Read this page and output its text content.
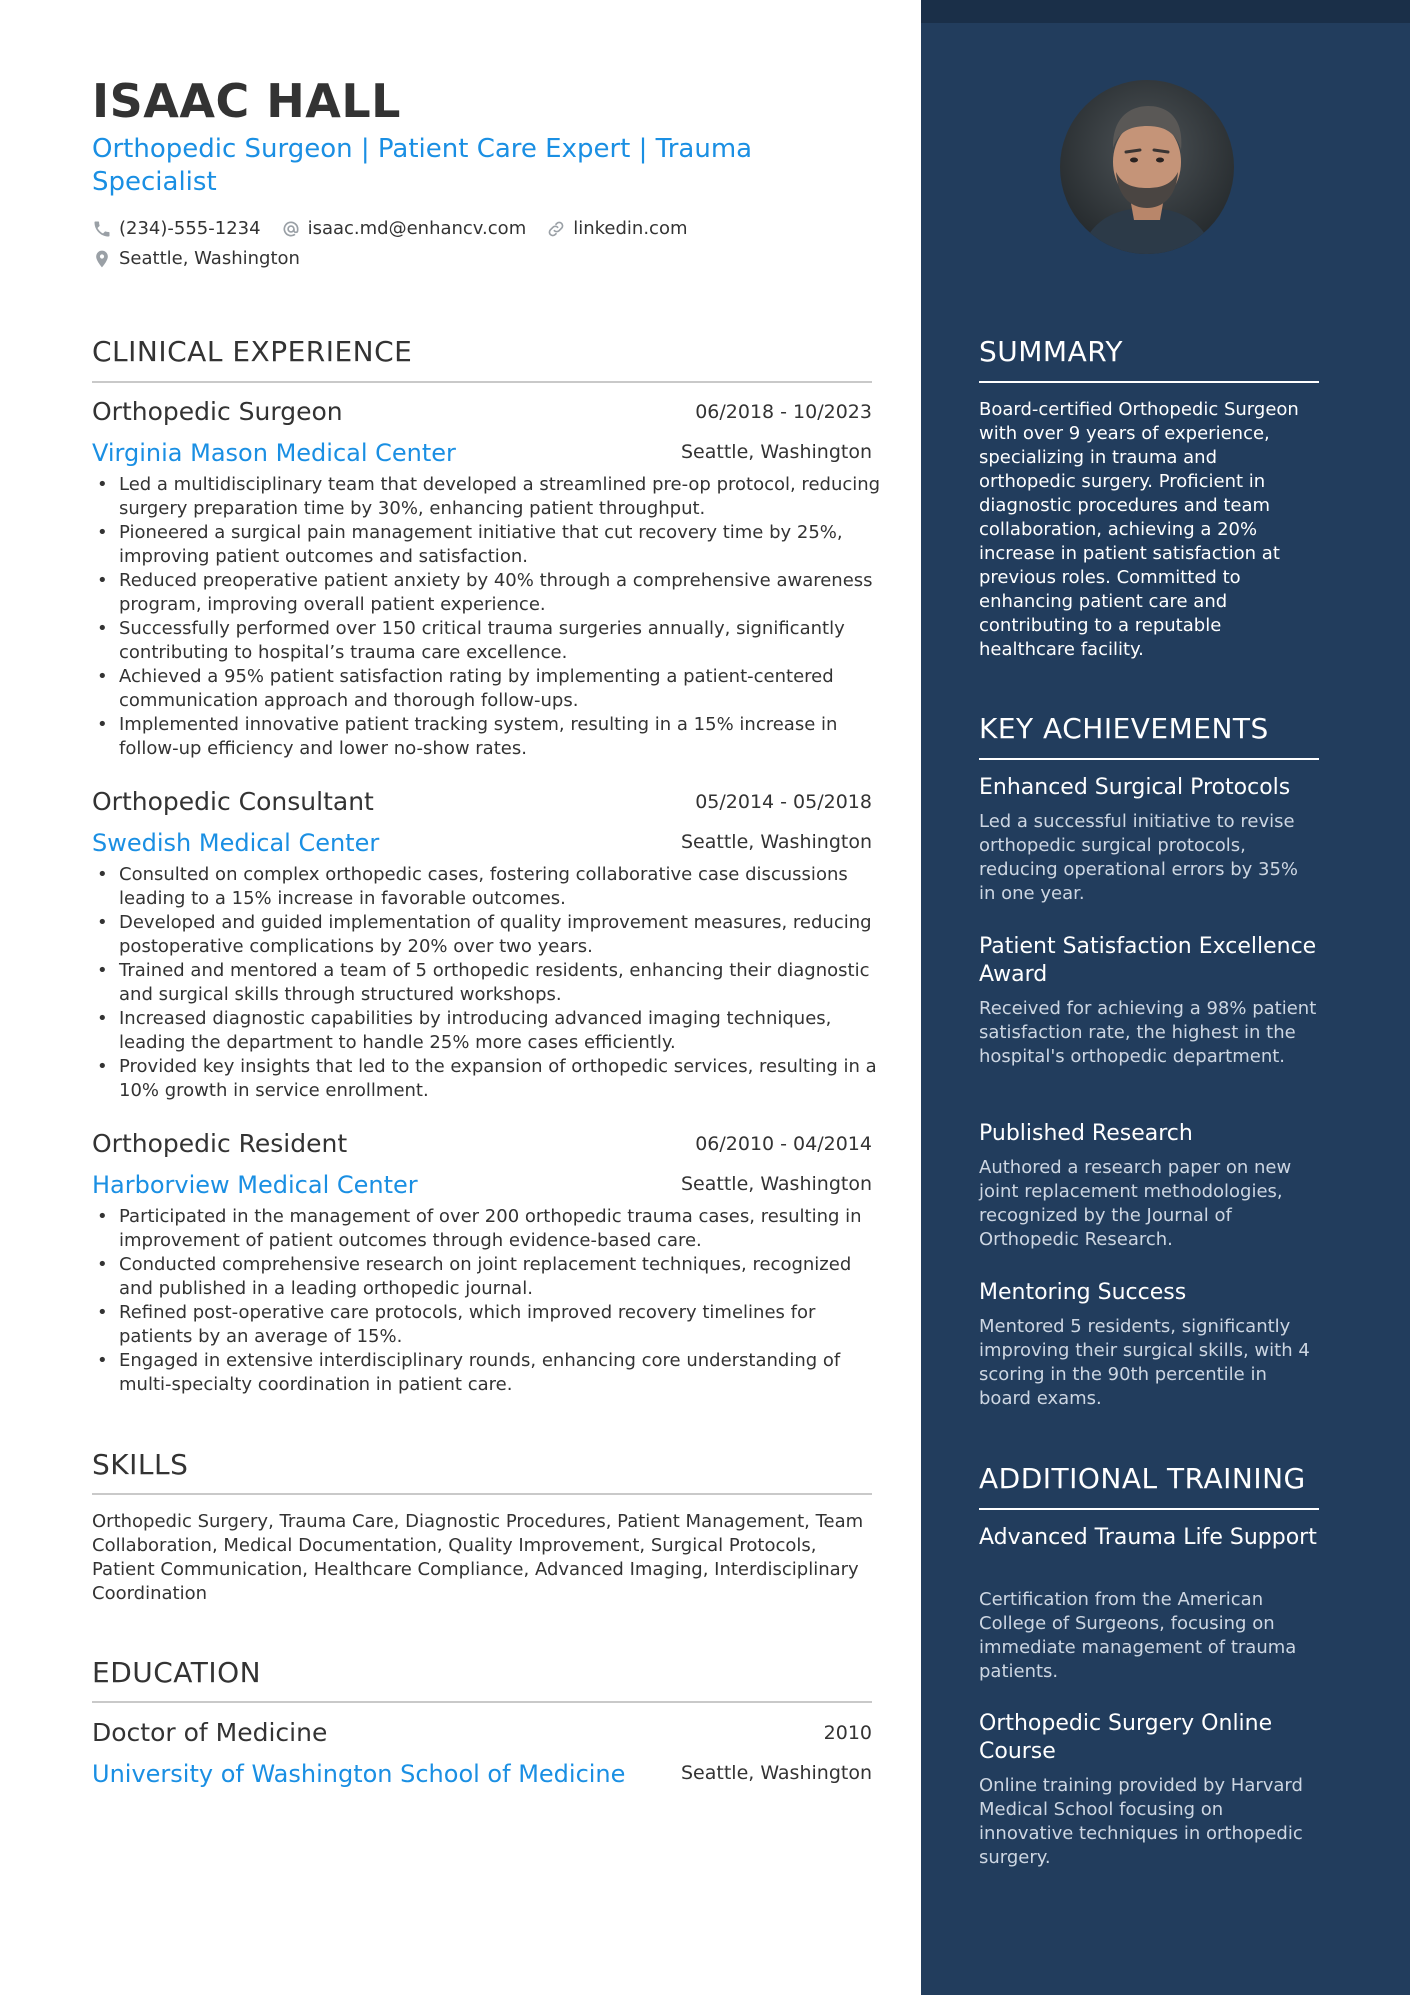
ISAAC HALL
Orthopedic Surgeon | Patient Care Expert | Trauma Specialist
(234)-555-1234	isaac.md@enhancv.com	linkedin.com
Seattle, Washington
CLINICAL EXPERIENCE
Orthopedic Surgeon	06/2018 - 10/2023
Virginia Mason Medical Center	Seattle, Washington
• Led a multidisciplinary team that developed a streamlined pre-op protocol, reducing surgery preparation time by 30%, enhancing patient throughput.
• Pioneered a surgical pain management initiative that cut recovery time by 25%, improving patient outcomes and satisfaction.
• Reduced preoperative patient anxiety by 40% through a comprehensive awareness program, improving overall patient experience.
• Successfully performed over 150 critical trauma surgeries annually, significantly contributing to hospital’s trauma care excellence.
• Achieved a 95% patient satisfaction rating by implementing a patient-centered communication approach and thorough follow-ups.
• Implemented innovative patient tracking system, resulting in a 15% increase in follow-up efficiency and lower no-show rates.
Orthopedic Consultant	05/2014 - 05/2018
Swedish Medical Center	Seattle, Washington
• Consulted on complex orthopedic cases, fostering collaborative case discussions leading to a 15% increase in favorable outcomes.
• Developed and guided implementation of quality improvement measures, reducing postoperative complications by 20% over two years.
• Trained and mentored a team of 5 orthopedic residents, enhancing their diagnostic and surgical skills through structured workshops.
• Increased diagnostic capabilities by introducing advanced imaging techniques, leading the department to handle 25% more cases efficiently.
• Provided key insights that led to the expansion of orthopedic services, resulting in a 10% growth in service enrollment.
Orthopedic Resident	06/2010 - 04/2014
Harborview Medical Center	Seattle, Washington
• Participated in the management of over 200 orthopedic trauma cases, resulting in improvement of patient outcomes through evidence-based care.
• Conducted comprehensive research on joint replacement techniques, recognized and published in a leading orthopedic journal.
• Refined post-operative care protocols, which improved recovery timelines for patients by an average of 15%.
• Engaged in extensive interdisciplinary rounds, enhancing core understanding of multi-specialty coordination in patient care.
SKILLS
Orthopedic Surgery, Trauma Care, Diagnostic Procedures, Patient Management, Team Collaboration, Medical Documentation, Quality Improvement, Surgical Protocols, Patient Communication, Healthcare Compliance, Advanced Imaging, Interdisciplinary Coordination
EDUCATION
Doctor of Medicine	2010
University of Washington School of Medicine	Seattle, Washington
SUMMARY
Board-certified Orthopedic Surgeon with over 9 years of experience, specializing in trauma and orthopedic surgery. Proficient in diagnostic procedures and team collaboration, achieving a 20% increase in patient satisfaction at previous roles. Committed to enhancing patient care and contributing to a reputable healthcare facility.
KEY ACHIEVEMENTS
Enhanced Surgical Protocols
Led a successful initiative to revise orthopedic surgical protocols, reducing operational errors by 35% in one year.
Patient Satisfaction Excellence Award
Received for achieving a 98% patient satisfaction rate, the highest in the hospital's orthopedic department.
Published Research
Authored a research paper on new joint replacement methodologies, recognized by the Journal of Orthopedic Research.
Mentoring Success
Mentored 5 residents, significantly improving their surgical skills, with 4 scoring in the 90th percentile in board exams.
ADDITIONAL TRAINING
Advanced Trauma Life Support
Certification from the American College of Surgeons, focusing on immediate management of trauma patients.
Orthopedic Surgery Online Course
Online training provided by Harvard Medical School focusing on innovative techniques in orthopedic surgery.
